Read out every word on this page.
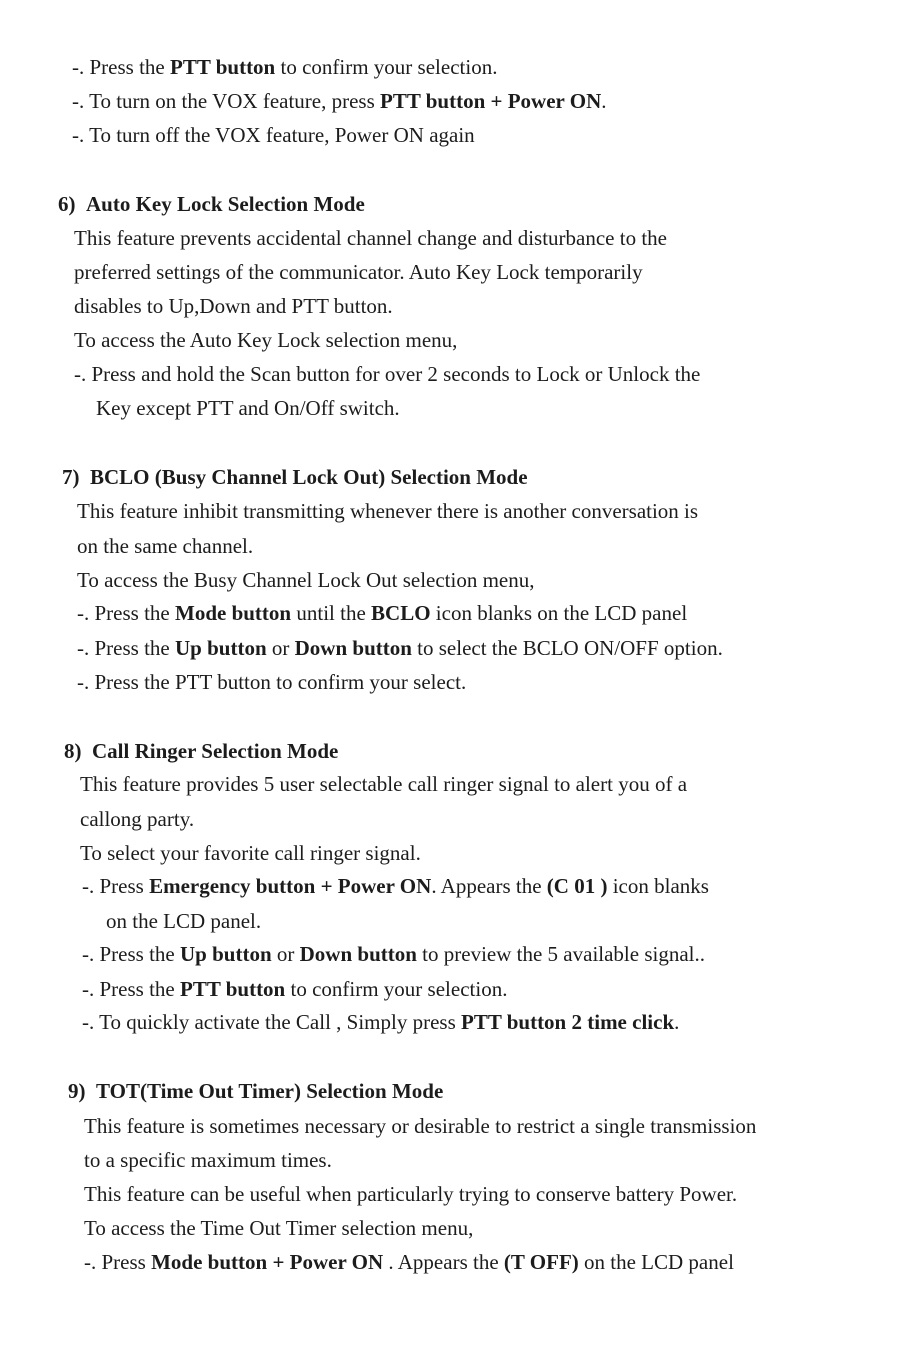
-. Press the PTT button to confirm your selection.
-. To turn on the VOX feature, press PTT button + Power ON.
-. To turn off the VOX feature, Power ON again
6) Auto Key Lock Selection Mode
This feature prevents accidental channel change and disturbance to the
preferred settings of the communicator. Auto Key Lock temporarily
disables to Up,Down and PTT button.
To access the Auto Key Lock selection menu,
-. Press and hold the Scan button for over 2 seconds to Lock or Unlock the
Key except PTT and On/Off switch.
7) BCLO (Busy Channel Lock Out) Selection Mode
This feature inhibit transmitting whenever there is another conversation is
on the same channel.
To access the Busy Channel Lock Out selection menu,
-. Press the Mode button until the BCLO icon blanks on the LCD panel
-. Press the Up button or Down button to select the BCLO ON/OFF option.
-. Press the PTT button to confirm your select.
8) Call Ringer Selection Mode
This feature provides 5 user selectable call ringer signal to alert you of a
callong party.
To select your favorite call ringer signal.
-. Press Emergency button + Power ON. Appears the (C 01 ) icon blanks
on the LCD panel.
-. Press the Up button or Down button to preview the 5 available signal..
-. Press the PTT button to confirm your selection.
-. To quickly activate the Call , Simply press PTT button 2 time click.
9) TOT(Time Out Timer) Selection Mode
This feature is sometimes necessary or desirable to restrict a single transmission
to a specific maximum times.
This feature can be useful when particularly trying to conserve battery Power.
To access the Time Out Timer selection menu,
-. Press Mode button + Power ON . Appears the (T OFF) on the LCD panel
